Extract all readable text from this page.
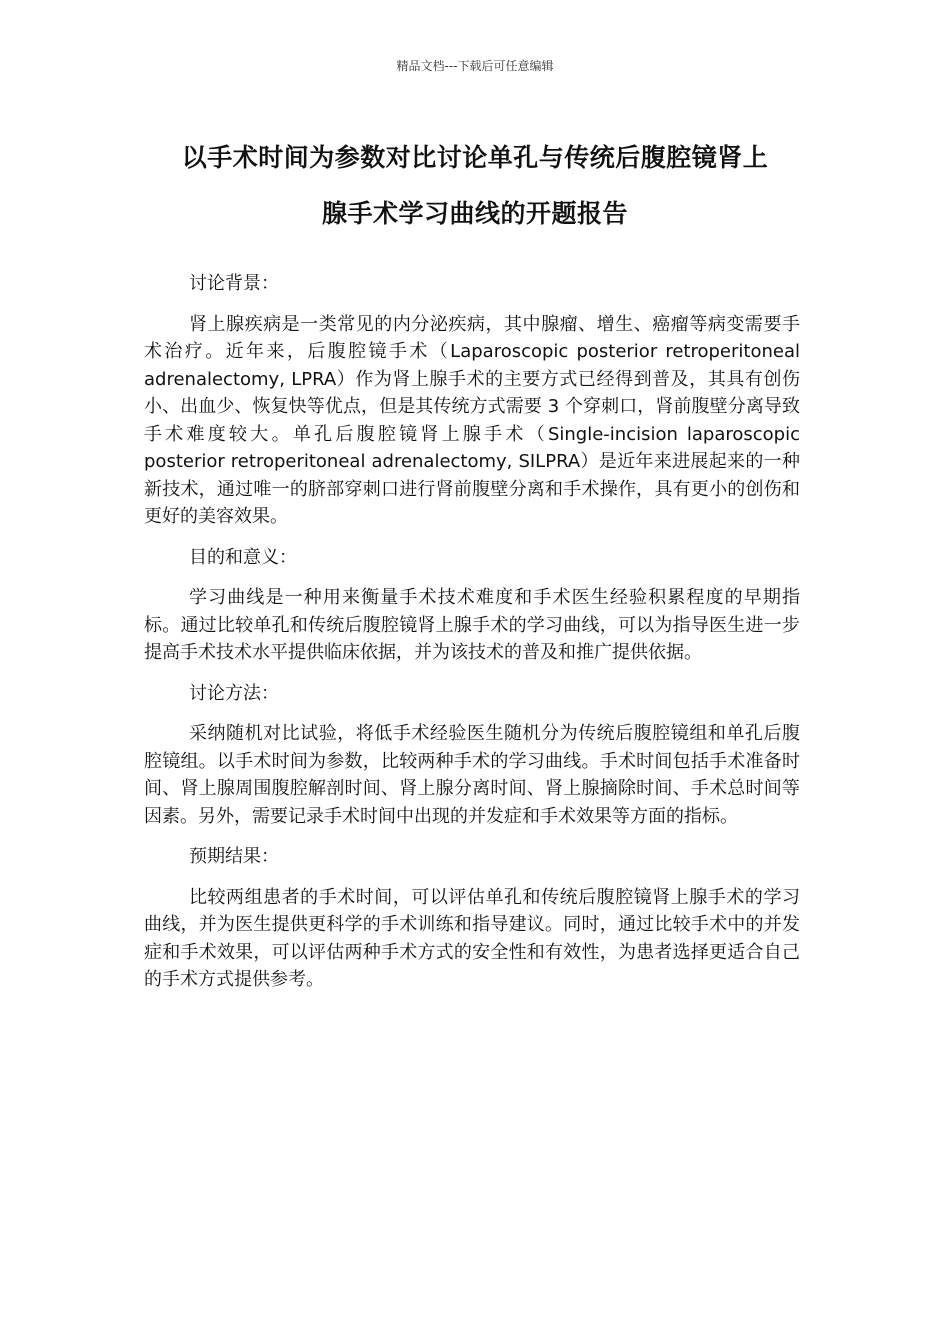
精品文档---下载后可任意编辑
以手术时间为参数对比讨论单孔与传统后腹腔镜肾上
腺手术学习曲线的开题报告

讨论背景：

肾上腺疾病是一类常见的内分泌疾病，其中腺瘤、增生、癌瘤等病变需要手术治疗。近年来，后腹腔镜手术（Laparoscopic posterior retroperitoneal adrenalectomy, LPRA）作为肾上腺手术的主要方式已经得到普及，其具有创伤小、出血少、恢复快等优点，但是其传统方式需要 3 个穿刺口，肾前腹壁分离导致手术难度较大。单孔后腹腔镜肾上腺手术（Single-incision laparoscopic posterior retroperitoneal adrenalectomy, SILPRA）是近年来进展起来的一种新技术，通过唯一的脐部穿刺口进行肾前腹壁分离和手术操作，具有更小的创伤和更好的美容效果。

目的和意义：

学习曲线是一种用来衡量手术技术难度和手术医生经验积累程度的早期指标。通过比较单孔和传统后腹腔镜肾上腺手术的学习曲线，可以为指导医生进一步提高手术技术水平提供临床依据，并为该技术的普及和推广提供依据。

讨论方法：

采纳随机对比试验，将低手术经验医生随机分为传统后腹腔镜组和单孔后腹腔镜组。以手术时间为参数，比较两种手术的学习曲线。手术时间包括手术准备时间、肾上腺周围腹腔解剖时间、肾上腺分离时间、肾上腺摘除时间、手术总时间等因素。另外，需要记录手术时间中出现的并发症和手术效果等方面的指标。

预期结果：

比较两组患者的手术时间，可以评估单孔和传统后腹腔镜肾上腺手术的学习曲线，并为医生提供更科学的手术训练和指导建议。同时，通过比较手术中的并发症和手术效果，可以评估两种手术方式的安全性和有效性，为患者选择更适合自己的手术方式提供参考。
